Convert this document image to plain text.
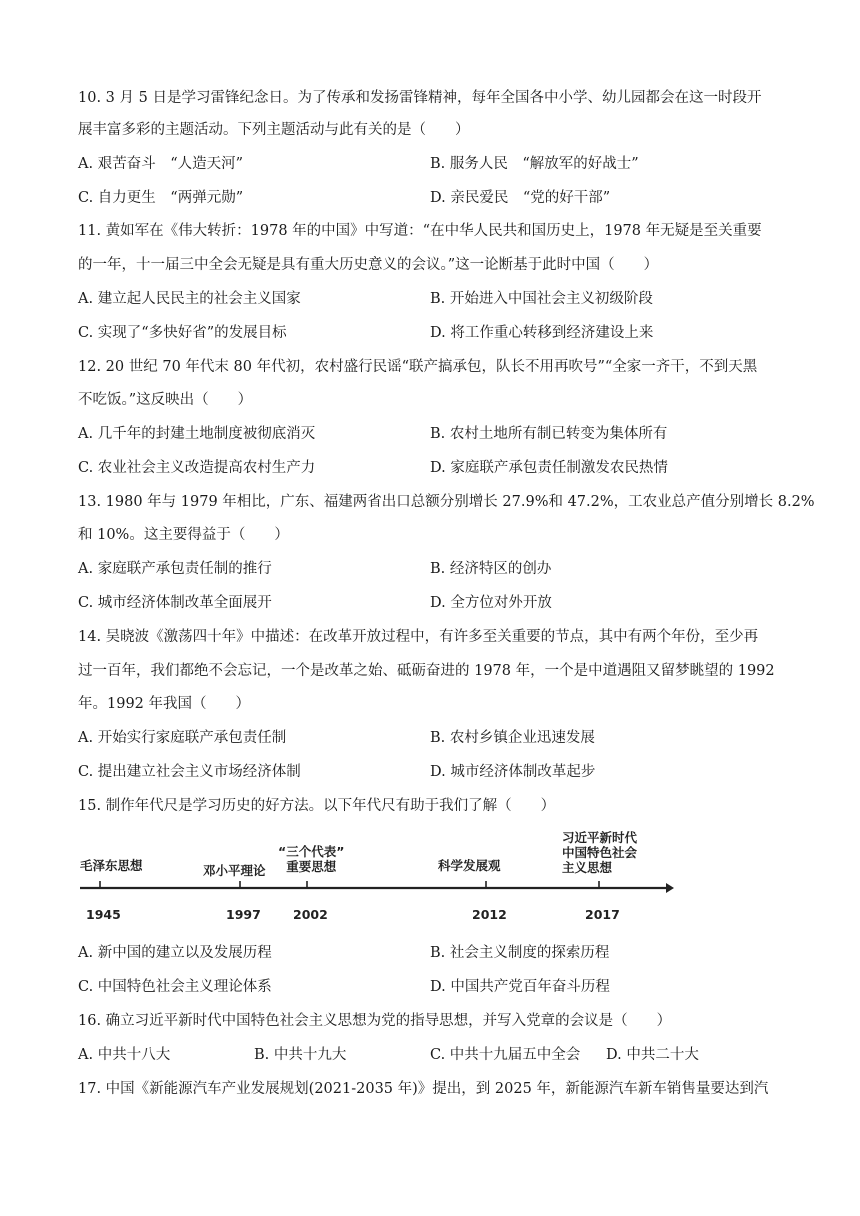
10. 3 月 5 日是学习雷锋纪念日。为了传承和发扬雷锋精神，每年全国各中小学、幼儿园都会在这一时段开
展丰富多彩的主题活动。下列主题活动与此有关的是（　　）
A. 艰苦奋斗　“人造天河”	B. 服务人民　“解放军的好战士”
C. 自力更生　“两弹元勋”	D. 亲民爱民　“党的好干部”
11. 黄如军在《伟大转折：1978 年的中国》中写道：“在中华人民共和国历史上，1978 年无疑是至关重要
的一年，十一届三中全会无疑是具有重大历史意义的会议。”这一论断基于此时中国（　　）
A. 建立起人民民主的社会主义国家	B. 开始进入中国社会主义初级阶段
C. 实现了“多快好省”的发展目标	D. 将工作重心转移到经济建设上来
12. 20 世纪 70 年代末 80 年代初，农村盛行民谣“联产搞承包，队长不用再吹号”“全家一齐干，不到天黑
不吃饭。”这反映出（　　）
A. 几千年的封建土地制度被彻底消灭	B. 农村土地所有制已转变为集体所有
C. 农业社会主义改造提高农村生产力	D. 家庭联产承包责任制激发农民热情
13. 1980 年与 1979 年相比，广东、福建两省出口总额分别增长 27.9%和 47.2%，工农业总产值分别增长 8.2%
和 10%。这主要得益于（　　）
A. 家庭联产承包责任制的推行	B. 经济特区的创办
C. 城市经济体制改革全面展开	D. 全方位对外开放
14. 吴晓波《激荡四十年》中描述：在改革开放过程中，有许多至关重要的节点，其中有两个年份，至少再
过一百年，我们都绝不会忘记，一个是改革之始、砥砺奋进的 1978 年，一个是中道遇阻又留梦眺望的 1992
年。1992 年我国（　　）
A. 开始实行家庭联产承包责任制	B. 农村乡镇企业迅速发展
C. 提出建立社会主义市场经济体制	D. 城市经济体制改革起步
15. 制作年代尺是学习历史的好方法。以下年代尺有助于我们了解（　　）
毛泽东思想	邓小平理论
“三个代表”
重要思想	科学发展观
习近平新时代
中国特色社会
主义思想
1945	1997	2002	2012	2017
A. 新中国的建立以及发展历程	B. 社会主义制度的探索历程
C. 中国特色社会主义理论体系	D. 中国共产党百年奋斗历程
16. 确立习近平新时代中国特色社会主义思想为党的指导思想，并写入党章的会议是（　　）
A. 中共十八大	B. 中共十九大	C. 中共十九届五中全会 D. 中共二十大
17. 中国《新能源汽车产业发展规划(2021-2035 年)》提出，到 2025 年，新能源汽车新车销售量要达到汽
